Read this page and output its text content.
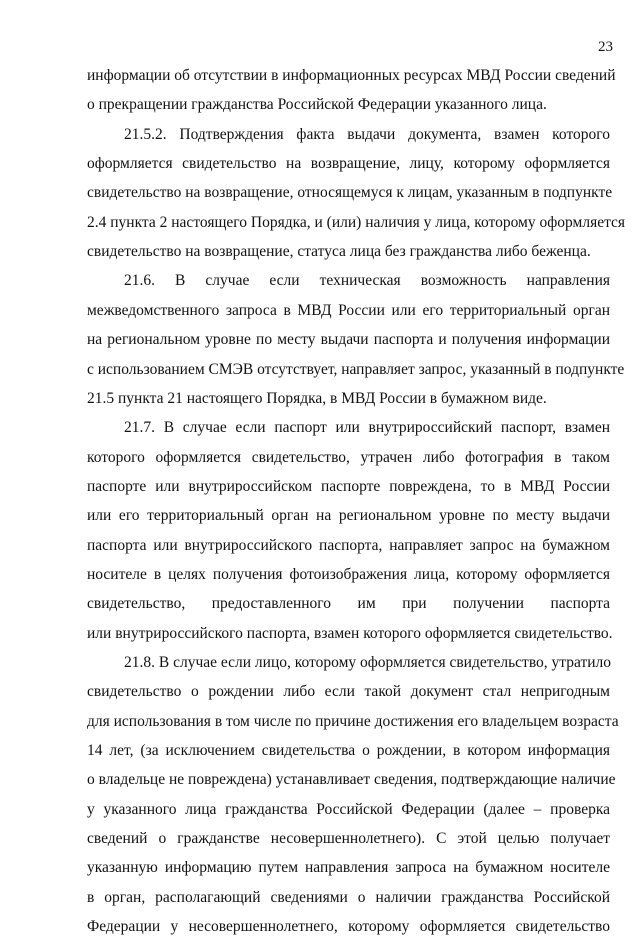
23
информации об отсутствии в информационных ресурсах МВД России сведений
о прекращении гражданства Российской Федерации указанного лица.
21.5.2. Подтверждения факта выдачи документа, взамен которого
оформляется свидетельство на возвращение, лицу, которому оформляется
свидетельство на возвращение, относящемуся к лицам, указанным в подпункте
2.4 пункта 2 настоящего Порядка, и (или) наличия у лица, которому оформляется
свидетельство на возвращение, статуса лица без гражданства либо беженца.
21.6. В случае если техническая возможность направления
межведомственного запроса в МВД России или его территориальный орган
на региональном уровне по месту выдачи паспорта и получения информации
с использованием СМЭВ отсутствует, направляет запрос, указанный в подпункте
21.5 пункта 21 настоящего Порядка, в МВД России в бумажном виде.
21.7. В случае если паспорт или внутрироссийский паспорт, взамен
которого оформляется свидетельство, утрачен либо фотография в таком
паспорте или внутрироссийском паспорте повреждена, то в МВД России
или его территориальный орган на региональном уровне по месту выдачи
паспорта или внутрироссийского паспорта, направляет запрос на бумажном
носителе в целях получения фотоизображения лица, которому оформляется
свидетельство, предоставленного им при получении паспорта
или внутрироссийского паспорта, взамен которого оформляется свидетельство.
21.8. В случае если лицо, которому оформляется свидетельство, утратило
свидетельство о рождении либо если такой документ стал непригодным
для использования в том числе по причине достижения его владельцем возраста
14 лет, (за исключением свидетельства о рождении, в котором информация
о владельце не повреждена) устанавливает сведения, подтверждающие наличие
у указанного лица гражданства Российской Федерации (далее – проверка
сведений о гражданстве несовершеннолетнего). С этой целью получает
указанную информацию путем направления запроса на бумажном носителе
в орган, располагающий сведениями о наличии гражданства Российской
Федерации у несовершеннолетнего, которому оформляется свидетельство
